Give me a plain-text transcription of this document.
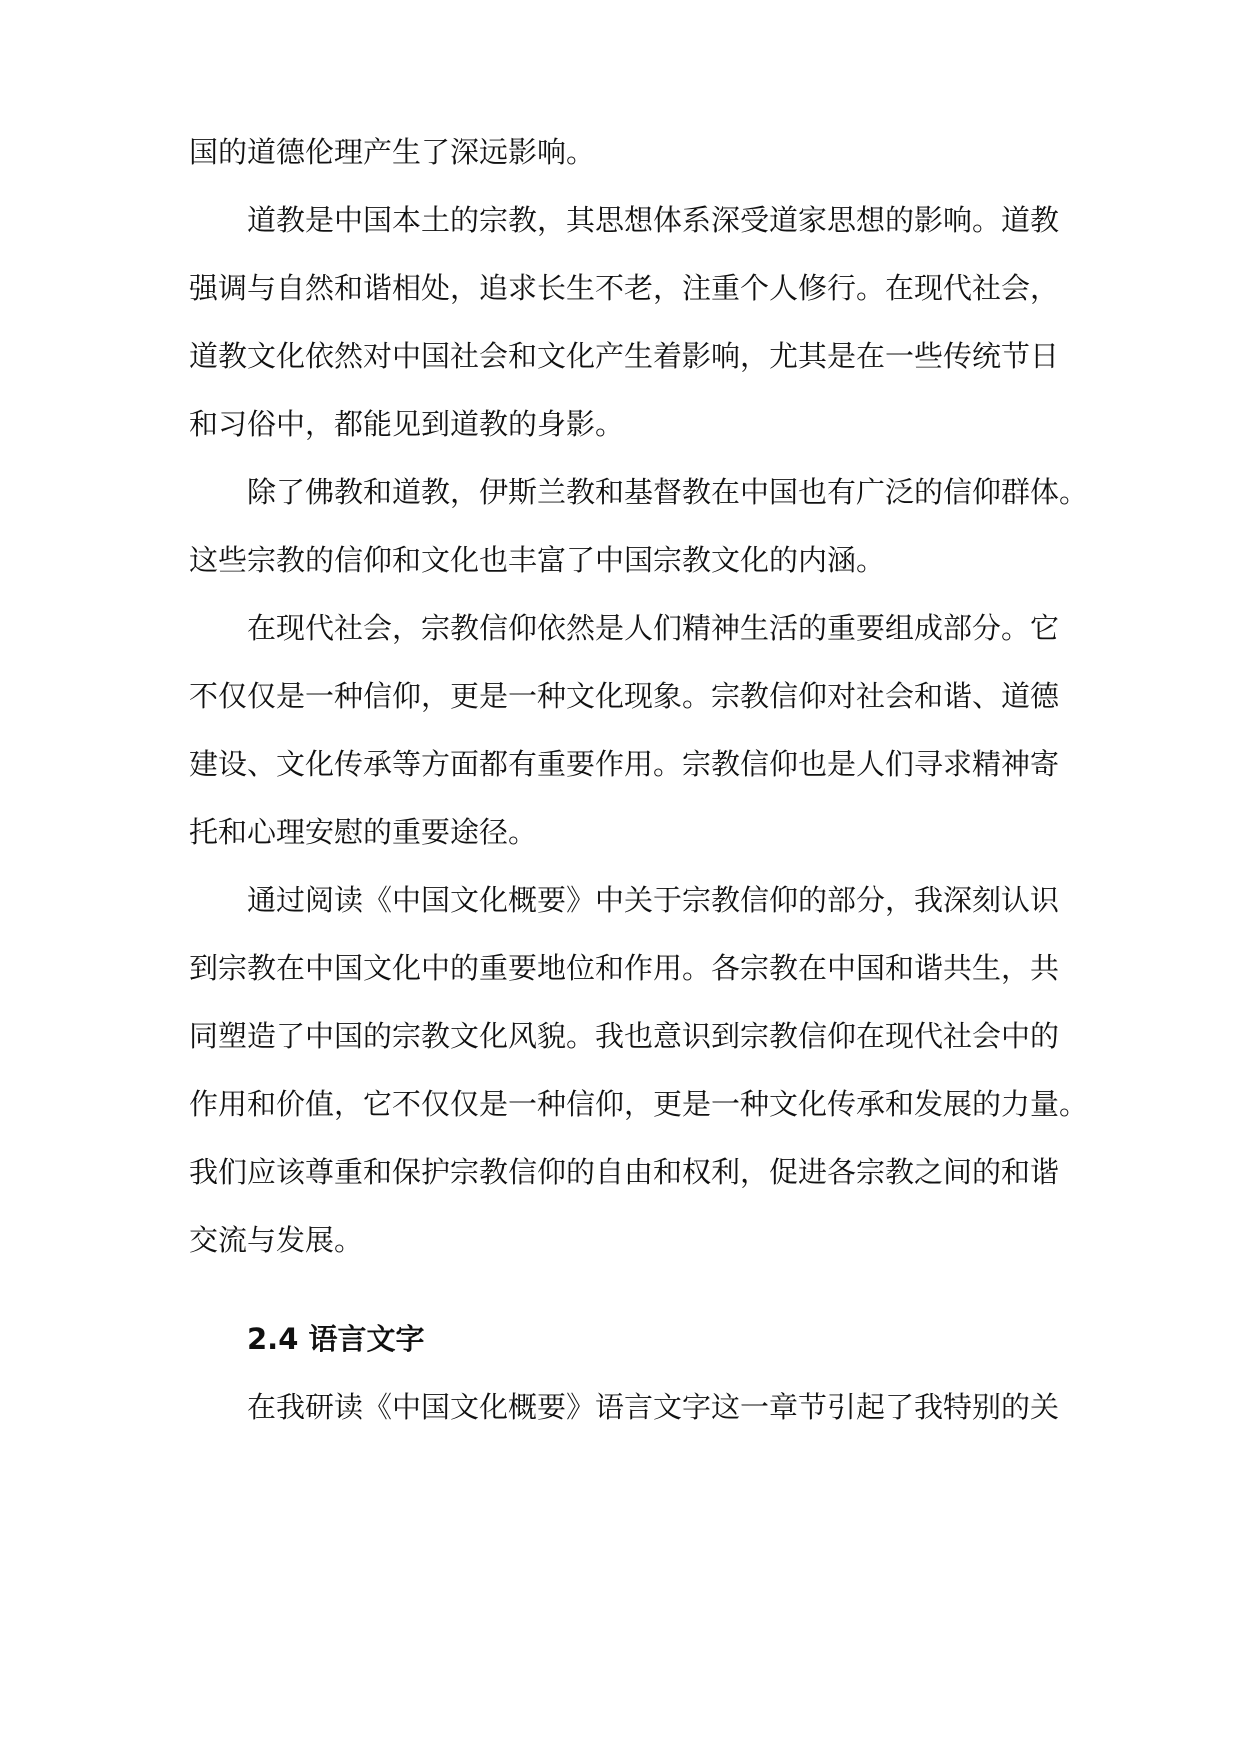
国的道德伦理产生了深远影响。
道教是中国本土的宗教，其思想体系深受道家思想的影响。道教
强调与自然和谐相处，追求长生不老，注重个人修行。在现代社会，
道教文化依然对中国社会和文化产生着影响，尤其是在一些传统节日
和习俗中，都能见到道教的身影。
除了佛教和道教，伊斯兰教和基督教在中国也有广泛的信仰群体。
这些宗教的信仰和文化也丰富了中国宗教文化的内涵。
在现代社会，宗教信仰依然是人们精神生活的重要组成部分。它
不仅仅是一种信仰，更是一种文化现象。宗教信仰对社会和谐、道德
建设、文化传承等方面都有重要作用。宗教信仰也是人们寻求精神寄
托和心理安慰的重要途径。
通过阅读《中国文化概要》中关于宗教信仰的部分，我深刻认识
到宗教在中国文化中的重要地位和作用。各宗教在中国和谐共生，共
同塑造了中国的宗教文化风貌。我也意识到宗教信仰在现代社会中的
作用和价值，它不仅仅是一种信仰，更是一种文化传承和发展的力量。
我们应该尊重和保护宗教信仰的自由和权利，促进各宗教之间的和谐
交流与发展。
2.4 语言文字
在我研读《中国文化概要》语言文字这一章节引起了我特别的关
